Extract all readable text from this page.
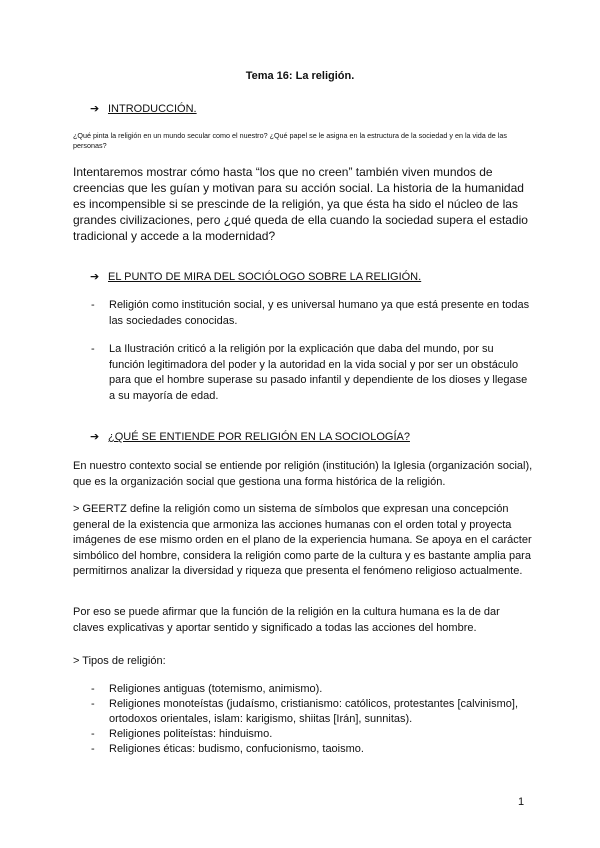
Tema 16: La religión.
➔ INTRODUCCIÓN.
¿Qué pinta la religión en un mundo secular como el nuestro? ¿Qué papel se le asigna en la estructura de la sociedad y en la vida de las personas?
Intentaremos mostrar cómo hasta “los que no creen” también viven mundos de creencias que les guían y motivan para su acción social. La historia de la humanidad es incompensible si se prescinde de la religión, ya que ésta ha sido el núcleo de las grandes civilizaciones, pero ¿qué queda de ella cuando la sociedad supera el estadio tradicional y accede a la modernidad?
➔ EL PUNTO DE MIRA DEL SOCIÓLOGO SOBRE LA RELIGIÓN.
-	Religión como institución social, y es universal humano ya que está presente en todas las sociedades conocidas.
-	La Ilustración criticó a la religión por la explicación que daba del mundo, por su función legitimadora del poder y la autoridad en la vida social y por ser un obstáculo para que el hombre superase su pasado infantil y dependiente de los dioses y llegase a su mayoría de edad.
➔ ¿QUÉ SE ENTIENDE POR RELIGIÓN EN LA SOCIOLOGÍA?
En nuestro contexto social se entiende por religión (institución) la Iglesia (organización social), que es la organización social que gestiona una forma histórica de la religión.
> GEERTZ define la religión como un sistema de símbolos que expresan una concepción general de la existencia que armoniza las acciones humanas con el orden total y proyecta imágenes de ese mismo orden en el plano de la experiencia humana. Se apoya en el carácter simbólico del hombre, considera la religión como parte de la cultura y es bastante amplia para permitirnos analizar la diversidad y riqueza que presenta el fenómeno religioso actualmente.
Por eso se puede afirmar que la función de la religión en la cultura humana es la de dar claves explicativas y aportar sentido y significado a todas las acciones del hombre.
> Tipos de religión:
-	Religiones antiguas (totemismo, animismo).
-	Religiones monoteístas (judaísmo, cristianismo: católicos, protestantes [calvinismo], ortodoxos orientales, islam: karigismo, shiitas [Irán], sunnitas).
-	Religiones politeístas: hinduismo.
-	Religiones éticas: budismo, confucionismo, taoismo.
1
